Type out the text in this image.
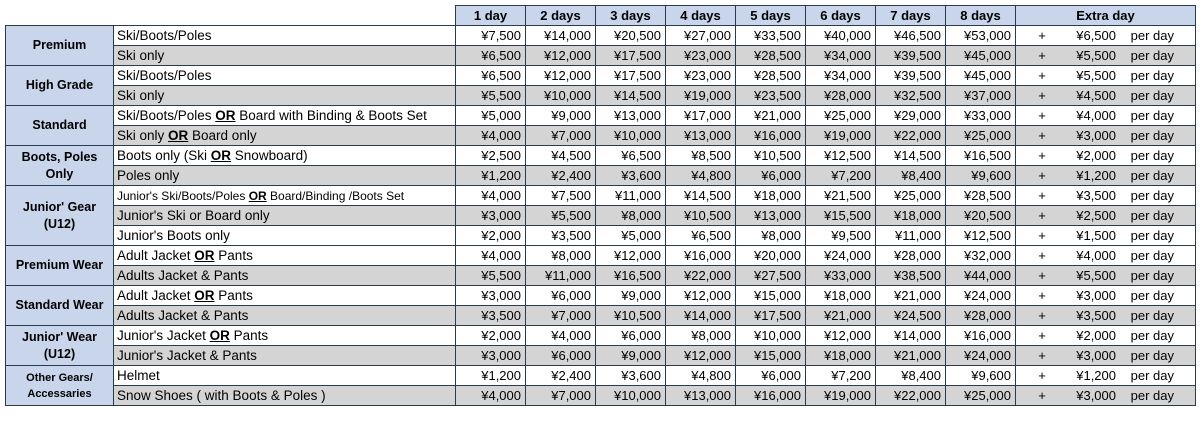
		1 day	2 days	3 days	4 days	5 days	6 days	7 days	8 days	Extra day
Premium	Ski/Boots/Poles	¥7,500	¥14,000	¥20,500	¥27,000	¥33,500	¥40,000	¥46,500	¥53,000	+ ¥6,500 per day
	Ski only	¥6,500	¥12,000	¥17,500	¥23,000	¥28,500	¥34,000	¥39,500	¥45,000	+ ¥5,500 per day
High Grade	Ski/Boots/Poles	¥6,500	¥12,000	¥17,500	¥23,000	¥28,500	¥34,000	¥39,500	¥45,000	+ ¥5,500 per day
	Ski only	¥5,500	¥10,000	¥14,500	¥19,000	¥23,500	¥28,000	¥32,500	¥37,000	+ ¥4,500 per day
Standard	Ski/Boots/Poles OR Board with Binding & Boots Set	¥5,000	¥9,000	¥13,000	¥17,000	¥21,000	¥25,000	¥29,000	¥33,000	+ ¥4,000 per day
	Ski only OR Board only	¥4,000	¥7,000	¥10,000	¥13,000	¥16,000	¥19,000	¥22,000	¥25,000	+ ¥3,000 per day
Boots, Poles
Only	Boots only (Ski OR Snowboard)	¥2,500	¥4,500	¥6,500	¥8,500	¥10,500	¥12,500	¥14,500	¥16,500	+ ¥2,000 per day
	Poles only	¥1,200	¥2,400	¥3,600	¥4,800	¥6,000	¥7,200	¥8,400	¥9,600	+ ¥1,200 per day
Junior' Gear
(U12)	Junior's Ski/Boots/Poles OR Board/Binding /Boots Set	¥4,000	¥7,500	¥11,000	¥14,500	¥18,000	¥21,500	¥25,000	¥28,500	+ ¥3,500 per day
	Junior's Ski or Board only	¥3,000	¥5,500	¥8,000	¥10,500	¥13,000	¥15,500	¥18,000	¥20,500	+ ¥2,500 per day
	Junior's Boots only	¥2,000	¥3,500	¥5,000	¥6,500	¥8,000	¥9,500	¥11,000	¥12,500	+ ¥1,500 per day
Premium Wear	Adult Jacket OR Pants	¥4,000	¥8,000	¥12,000	¥16,000	¥20,000	¥24,000	¥28,000	¥32,000	+ ¥4,000 per day
	Adults Jacket & Pants	¥5,500	¥11,000	¥16,500	¥22,000	¥27,500	¥33,000	¥38,500	¥44,000	+ ¥5,500 per day
Standard Wear	Adult Jacket OR Pants	¥3,000	¥6,000	¥9,000	¥12,000	¥15,000	¥18,000	¥21,000	¥24,000	+ ¥3,000 per day
	Adults Jacket & Pants	¥3,500	¥7,000	¥10,500	¥14,000	¥17,500	¥21,000	¥24,500	¥28,000	+ ¥3,500 per day
Junior' Wear
(U12)	Junior's Jacket OR Pants	¥2,000	¥4,000	¥6,000	¥8,000	¥10,000	¥12,000	¥14,000	¥16,000	+ ¥2,000 per day
	Junior's Jacket & Pants	¥3,000	¥6,000	¥9,000	¥12,000	¥15,000	¥18,000	¥21,000	¥24,000	+ ¥3,000 per day
Other Gears/
Accessaries	Helmet	¥1,200	¥2,400	¥3,600	¥4,800	¥6,000	¥7,200	¥8,400	¥9,600	+ ¥1,200 per day
	Snow Shoes ( with Boots & Poles )	¥4,000	¥7,000	¥10,000	¥13,000	¥16,000	¥19,000	¥22,000	¥25,000	+ ¥3,000 per day
